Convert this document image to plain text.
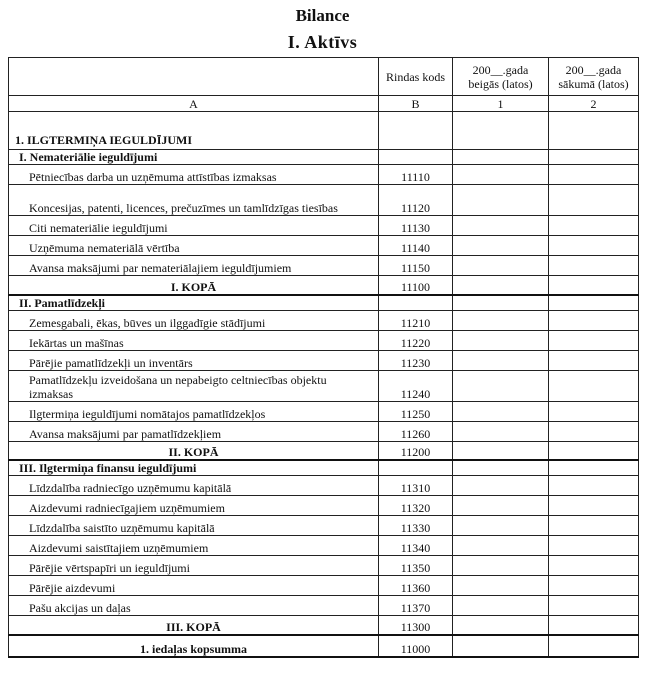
Bilance
I. Aktīvs
	Rindas kods	200__.gada beigās (latos)	200__.gada sākumā (latos)
A	B	1	2
1. ILGTERMIŅA IEGULDĪJUMI			
I. Nemateriālie ieguldījumi			
Pētniecības darba un uzņēmuma attīstības izmaksas	11110		
Koncesijas, patenti, licences, prečuzīmes un tamlīdzīgas tiesības	11120		
Citi nemateriālie ieguldījumi	11130		
Uzņēmuma nemateriālā vērtība	11140		
Avansa maksājumi par nemateriālajiem ieguldījumiem	11150		
I. KOPĀ	11100		
II. Pamatlīdzekļi			
Zemesgabali, ēkas, būves un ilggadīgie stādījumi	11210		
Iekārtas un mašīnas	11220		
Pārējie pamatlīdzekļi un inventārs	11230		
Pamatlīdzekļu izveidošana un nepabeigto celtniecības objektu izmaksas	11240		
Ilgtermiņa ieguldījumi nomātajos pamatlīdzekļos	11250		
Avansa maksājumi par pamatlīdzekļiem	11260		
II. KOPĀ	11200		
III. Ilgtermiņa finansu ieguldījumi			
Līdzdalība radniecīgo uzņēmumu kapitālā	11310		
Aizdevumi radniecīgajiem uzņēmumiem	11320		
Līdzdalība saistīto uzņēmumu kapitālā	11330		
Aizdevumi saistītajiem uzņēmumiem	11340		
Pārējie vērtspapīri un ieguldījumi	11350		
Pārējie aizdevumi	11360		
Pašu akcijas un daļas	11370		
III. KOPĀ	11300		
1. iedaļas kopsumma	11000		
